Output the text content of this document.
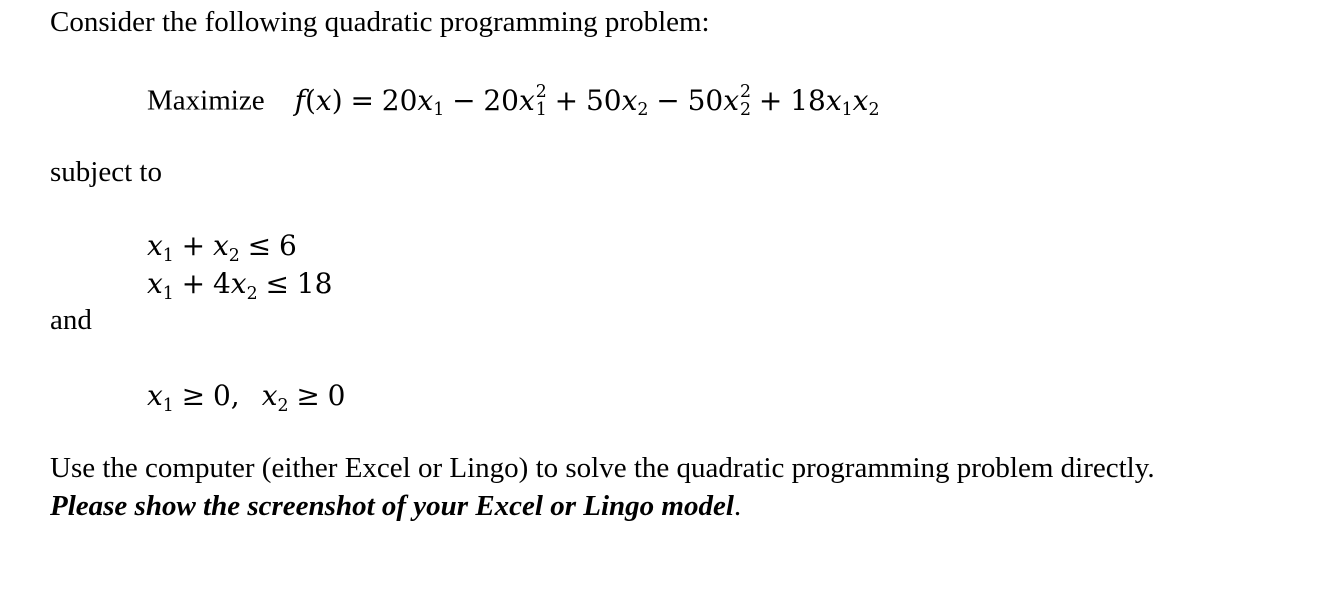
Consider the following quadratic programming problem:
Maximize $f(x) = 20x_1 - 20x$ 2
$1 + 50x_2 - 50x$ 2
$2 + 18x_1x_2$
subject to
$x_1 + x_2 \le 6$
$x_1 + 4x_2 \le 18$
and
$x_1 \ge 0$, $x_2 \ge 0$
Use the computer (either Excel or Lingo) to solve the quadratic programming problem directly.
Please show the screenshot of your Excel or Lingo model.
